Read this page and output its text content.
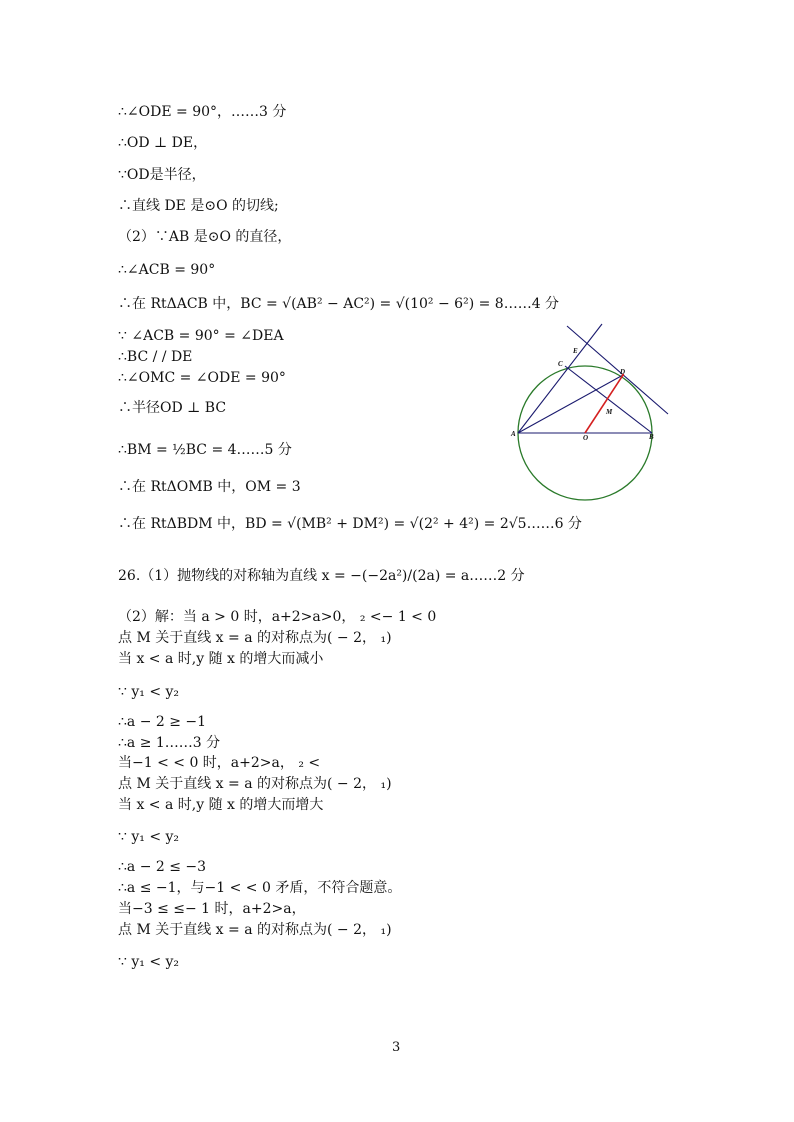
∴∠ODE = 90°，……3 分
∴OD ⊥ DE，
∵OD是半径，
∴直线 DE 是⊙O 的切线;
（2）∵AB 是⊙O 的直径，
∴∠ACB = 90°
∴在 RtΔACB 中，BC = √(AB² − AC²) = √(10² − 6²) = 8……4 分
∵ ∠ACB = 90° = ∠DEA
∴BC / / DE
∴∠OMC = ∠ODE = 90°
∴半径OD ⊥ BC
∴BM = ½BC = 4……5 分
∴在 RtΔOMB 中，OM = 3
∴在 RtΔBDM 中，BD = √(MB² + DM²) = √(2² + 4²) = 2√5……6 分
26.（1）抛物线的对称轴为直线 x = −(−2a²)/(2a) = a……2 分
（2）解：当 a > 0 时，a+2>a>0， ₂ <− 1 < 0
点 M 关于直线 x = a 的对称点为( − 2， ₁)
当 x < a 时,y 随 x 的增大而减小
∵ y₁ < y₂
∴a − 2 ≥ −1
∴a ≥ 1……3 分
当−1 < < 0 时，a+2>a， ₂ <
点 M 关于直线 x = a 的对称点为( − 2， ₁)
当 x < a 时,y 随 x 的增大而增大
∵ y₁ < y₂
∴a − 2 ≤ −3
∴a ≤ −1，与−1 < < 0 矛盾，不符合题意。
当−3 ≤ ≤− 1 时，a+2>a，
点 M 关于直线 x = a 的对称点为( − 2， ₁)
∵ y₁ < y₂
A	B
C
D
E
M
O
3
